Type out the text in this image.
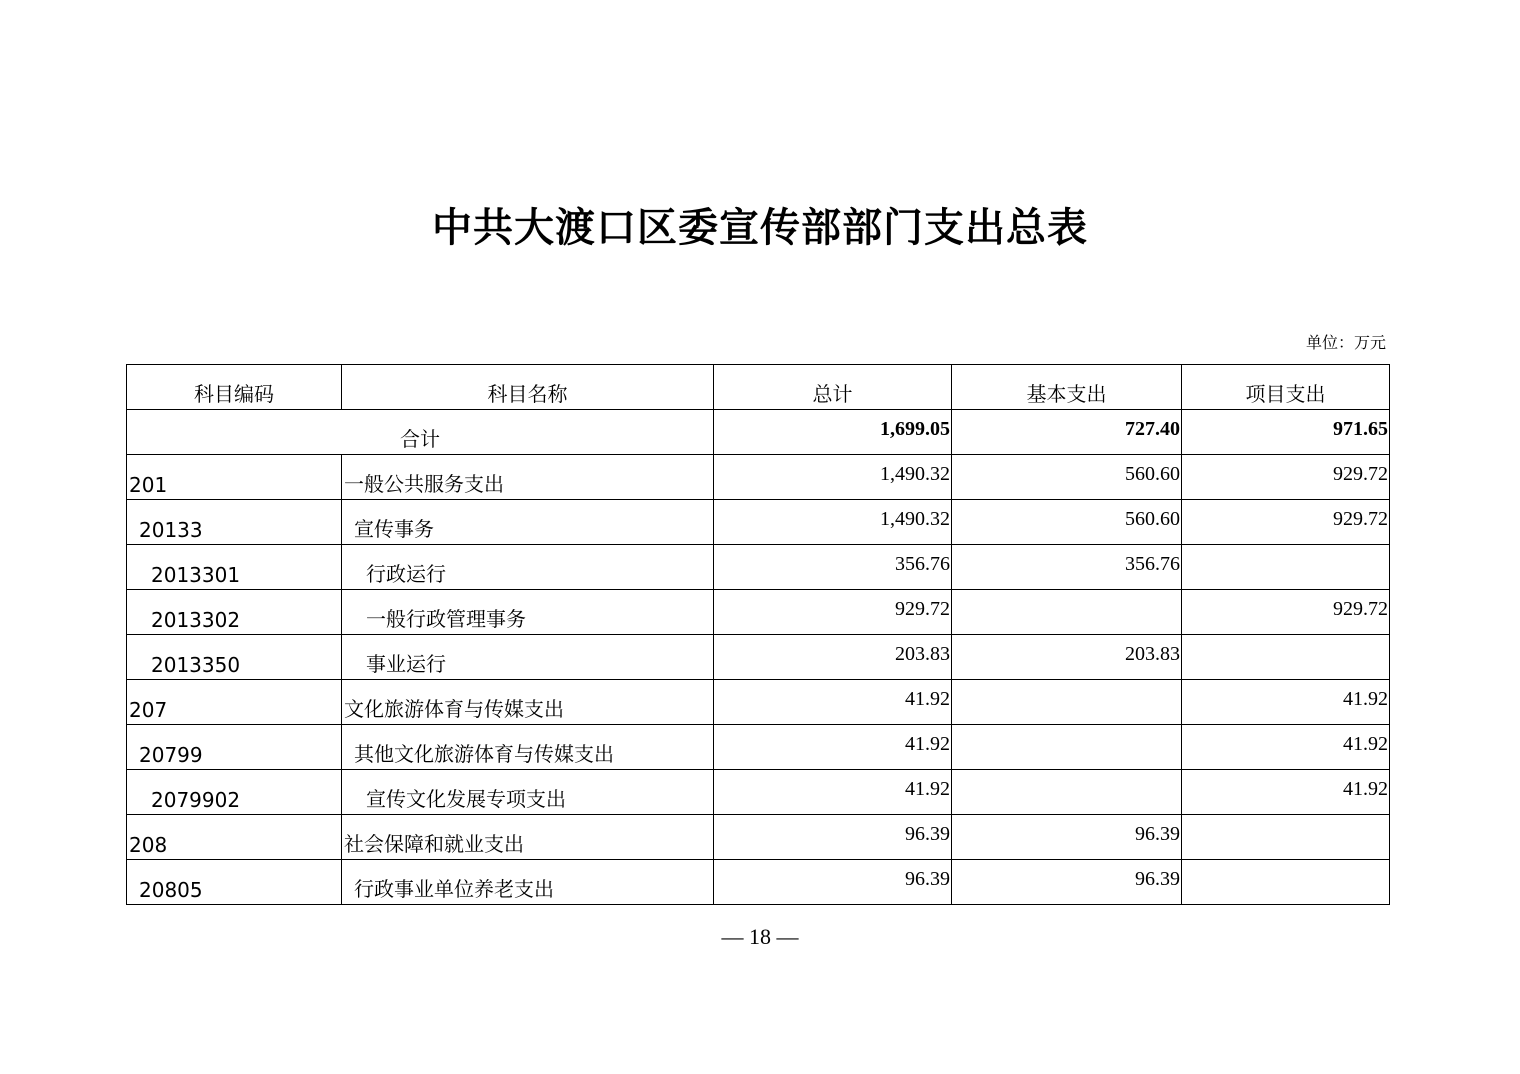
中共大渡口区委宣传部部门支出总表
单位：万元
科目编码	科目名称	总计	基本支出	项目支出
合计		1,699.05	727.40	971.65
201	一般公共服务支出	1,490.32	560.60	929.72
20133	宣传事务	1,490.32	560.60	929.72
2013301	行政运行	356.76	356.76	
2013302	一般行政管理事务	929.72		929.72
2013350	事业运行	203.83	203.83	
207	文化旅游体育与传媒支出	41.92		41.92
20799	其他文化旅游体育与传媒支出	41.92		41.92
2079902	宣传文化发展专项支出	41.92		41.92
208	社会保障和就业支出	96.39	96.39	
20805	行政事业单位养老支出	96.39	96.39	
— 18 —
